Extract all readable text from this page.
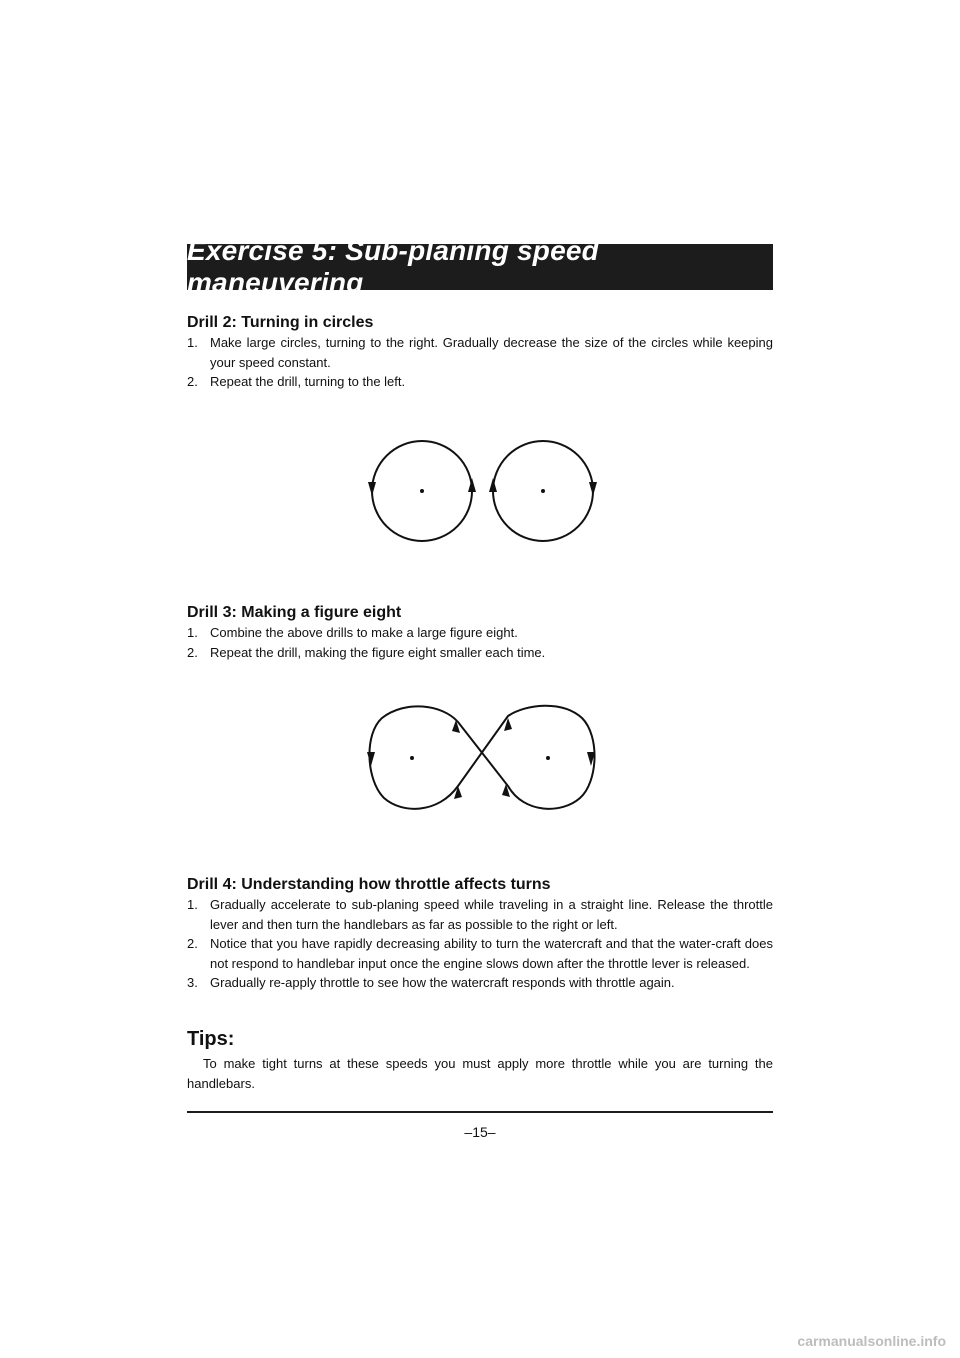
Exercise 5: Sub-planing speed maneuvering
Drill 2: Turning in circles
1. Make large circles, turning to the right. Gradually decrease the size of the circles while keeping your speed constant.
2. Repeat the drill, turning to the left.
Drill 3: Making a figure eight
1. Combine the above drills to make a large figure eight.
2. Repeat the drill, making the figure eight smaller each time.
Drill 4: Understanding how throttle affects turns
1. Gradually accelerate to sub-planing speed while traveling in a straight line. Release the throttle lever and then turn the handlebars as far as possible to the right or left.
2. Notice that you have rapidly decreasing ability to turn the watercraft and that the water-craft does not respond to handlebar input once the engine slows down after the throttle lever is released.
3. Gradually re-apply throttle to see how the watercraft responds with throttle again.
Tips:

To make tight turns at these speeds you must apply more throttle while you are turning the handlebars.

–15–
carmanualsonline.info
